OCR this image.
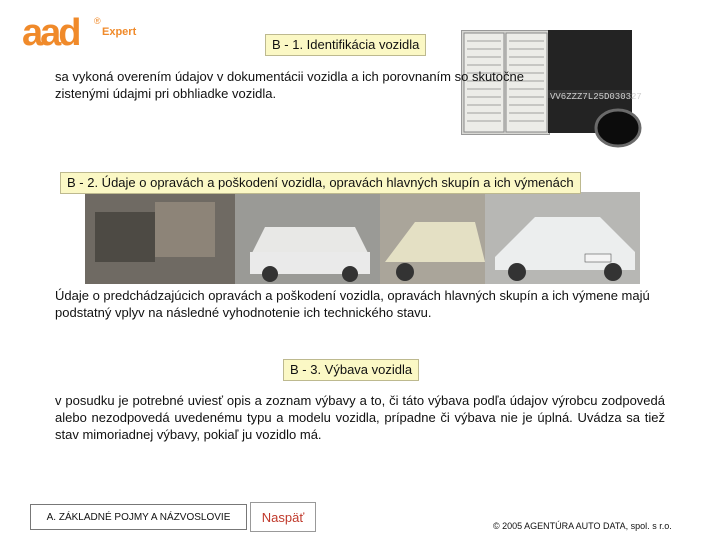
aad ®
Expert
VV6ZZZ7L25D030327
B - 1. Identifikácia vozidla
sa vykoná overením údajov v dokumentácii vozidla a ich porovnaním so skutočne zistenými údajmi pri obhliadke vozidla.
B - 2. Údaje o opravách a poškodení vozidla, opravách hlavných skupín a ich výmenách
Údaje o predchádzajúcich opravách a poškodení vozidla, opravách hlavných skupín a ich výmene majú podstatný vplyv na následné vyhodnotenie ich technického stavu.
B - 3. Výbava vozidla
v posudku je potrebné uviesť opis a zoznam výbavy a to, či táto výbava podľa údajov výrobcu zodpovedá alebo nezodpovedá uvedenému typu a modelu vozidla, prípadne či výbava nie je úplná. Uvádza sa tiež stav mimoriadnej výbavy, pokiaľ ju vozidlo má.
A. ZÁKLADNÉ POJMY A NÁZVOSLOVIE Naspäť
© 2005 AGENTÚRA AUTO DATA, spol. s r.o.
